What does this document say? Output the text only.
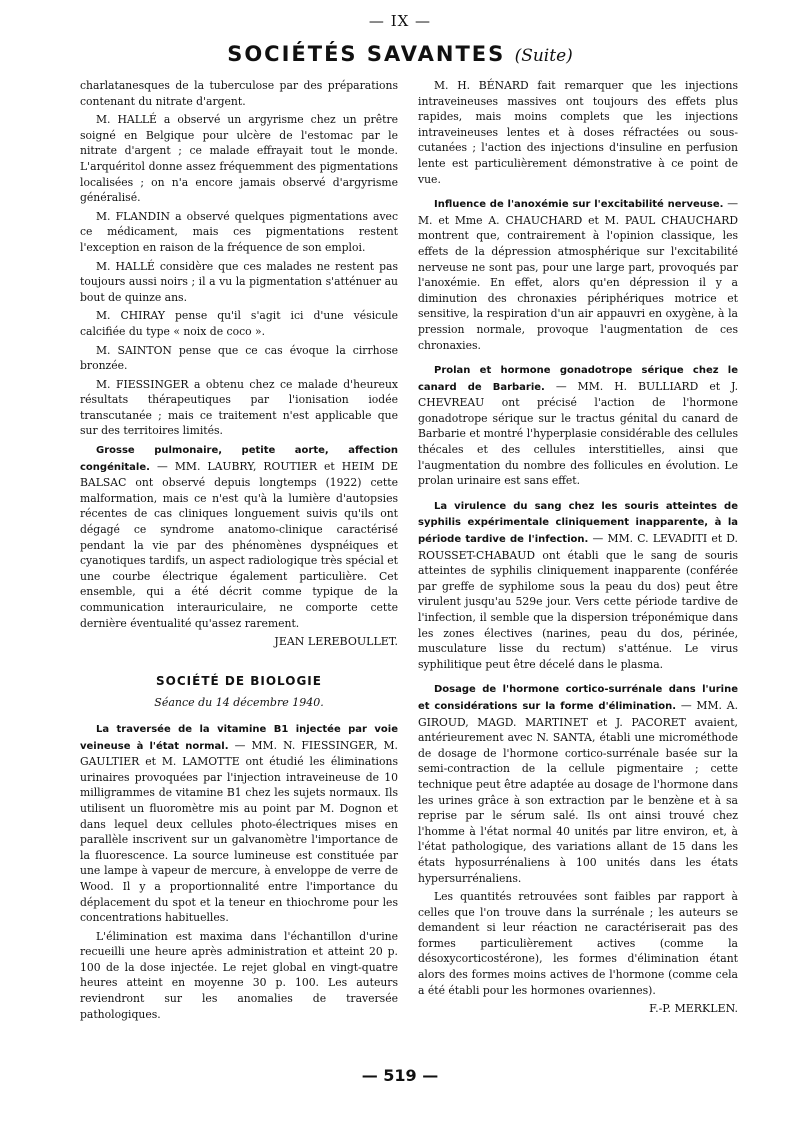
— IX —
SOCIÉTÉS SAVANTES (Suite)

charlatanesques de la tuberculose par des préparations contenant du nitrate d'argent.

M. HALLÉ a observé un argyrisme chez un prêtre soigné en Belgique pour ulcère de l'estomac par le nitrate d'argent ; ce malade effrayait tout le monde. L'arquéritol donne assez fréquemment des pigmentations localisées ; on n'a encore jamais observé d'argyrisme généralisé.

M. FLANDIN a observé quelques pigmentations avec ce médicament, mais ces pigmentations restent l'exception en raison de la fréquence de son emploi.

M. HALLÉ considère que ces malades ne restent pas toujours aussi noirs ; il a vu la pigmentation s'atténuer au bout de quinze ans.

M. CHIRAY pense qu'il s'agit ici d'une vésicule calcifiée du type « noix de coco ».

M. SAINTON pense que ce cas évoque la cirrhose bronzée.

M. FIESSINGER a obtenu chez ce malade d'heureux résultats thérapeutiques par l'ionisation iodée transcutanée ; mais ce traitement n'est applicable que sur des territoires limités.

Grosse pulmonaire, petite aorte, affection congénitale. — MM. LAUBRY, ROUTIER et HEIM DE BALSAC ont observé depuis longtemps (1922) cette malformation, mais ce n'est qu'à la lumière d'autopsies récentes de cas cliniques longuement suivis qu'ils ont dégagé ce syndrome anatomo-clinique caractérisé pendant la vie par des phénomènes dyspnéiques et cyanotiques tardifs, un aspect radiologique très spécial et une courbe électrique également particulière. Cet ensemble, qui a été décrit comme typique de la communication interauriculaire, ne comporte cette dernière éventualité qu'assez rarement.

JEAN LEREBOULLET.

SOCIÉTÉ DE BIOLOGIE
Séance du 14 décembre 1940.

La traversée de la vitamine B1 injectée par voie veineuse à l'état normal. — MM. N. FIESSINGER, M. GAULTIER et M. LAMOTTE ont étudié les éliminations urinaires provoquées par l'injection intraveineuse de 10 milligrammes de vitamine B1 chez les sujets normaux. Ils utilisent un fluoromètre mis au point par M. Dognon et dans lequel deux cellules photo-électriques mises en parallèle inscrivent sur un galvanomètre l'importance de la fluorescence. La source lumineuse est constituée par une lampe à vapeur de mercure, à enveloppe de verre de Wood. Il y a proportionnalité entre l'importance du déplacement du spot et la teneur en thiochrome pour les concentrations habituelles.

L'élimination est maxima dans l'échantillon d'urine recueilli une heure après administration et atteint 20 p. 100 de la dose injectée. Le rejet global en vingt-quatre heures atteint en moyenne 30 p. 100. Les auteurs reviendront sur les anomalies de traversée pathologiques.

M. H. BÉNARD fait remarquer que les injections intraveineuses massives ont toujours des effets plus rapides, mais moins complets que les injections intraveineuses lentes et à doses réfractées ou sous-cutanées ; l'action des injections d'insuline en perfusion lente est particulièrement démonstrative à ce point de vue.

Influence de l'anoxémie sur l'excitabilité nerveuse. — M. et Mme A. CHAUCHARD et M. PAUL CHAUCHARD montrent que, contrairement à l'opinion classique, les effets de la dépression atmosphérique sur l'excitabilité nerveuse ne sont pas, pour une large part, provoqués par l'anoxémie. En effet, alors qu'en dépression il y a diminution des chronaxies périphériques motrice et sensitive, la respiration d'un air appauvri en oxygène, à la pression normale, provoque l'augmentation de ces chronaxies.

Prolan et hormone gonadotrope sérique chez le canard de Barbarie. — MM. H. BULLIARD et J. CHEVREAU ont précisé l'action de l'hormone gonadotrope sérique sur le tractus génital du canard de Barbarie et montré l'hyperplasie considérable des cellules thécales et des cellules interstitielles, ainsi que l'augmentation du nombre des follicules en évolution. Le prolan urinaire est sans effet.

La virulence du sang chez les souris atteintes de syphilis expérimentale cliniquement inapparente, à la période tardive de l'infection. — MM. C. LEVADITI et D. ROUSSET-CHABAUD ont établi que le sang de souris atteintes de syphilis cliniquement inapparente (conférée par greffe de syphilome sous la peau du dos) peut être virulent jusqu'au 529e jour. Vers cette période tardive de l'infection, il semble que la dispersion tréponémique dans les zones électives (narines, peau du dos, périnée, musculature lisse du rectum) s'atténue. Le virus syphilitique peut être décelé dans le plasma.

Dosage de l'hormone cortico-surrénale dans l'urine et considérations sur la forme d'élimination. — MM. A. GIROUD, MAGD. MARTINET et J. PACORET avaient, antérieurement avec N. SANTA, établi une microméthode de dosage de l'hormone cortico-surrénale basée sur la semi-contraction de la cellule pigmentaire ; cette technique peut être adaptée au dosage de l'hormone dans les urines grâce à son extraction par le benzène et à sa reprise par le sérum salé. Ils ont ainsi trouvé chez l'homme à l'état normal 40 unités par litre environ, et, à l'état pathologique, des variations allant de 15 dans les états hyposurrénaliens à 100 unités dans les états hypersurrénaliens.

Les quantités retrouvées sont faibles par rapport à celles que l'on trouve dans la surrénale ; les auteurs se demandent si leur réaction ne caractériserait pas des formes particulièrement actives (comme la désoxycorticostérone), les formes d'élimination étant alors des formes moins actives de l'hormone (comme cela a été établi pour les hormones ovariennes).

F.-P. MERKLEN.

— 519 —
